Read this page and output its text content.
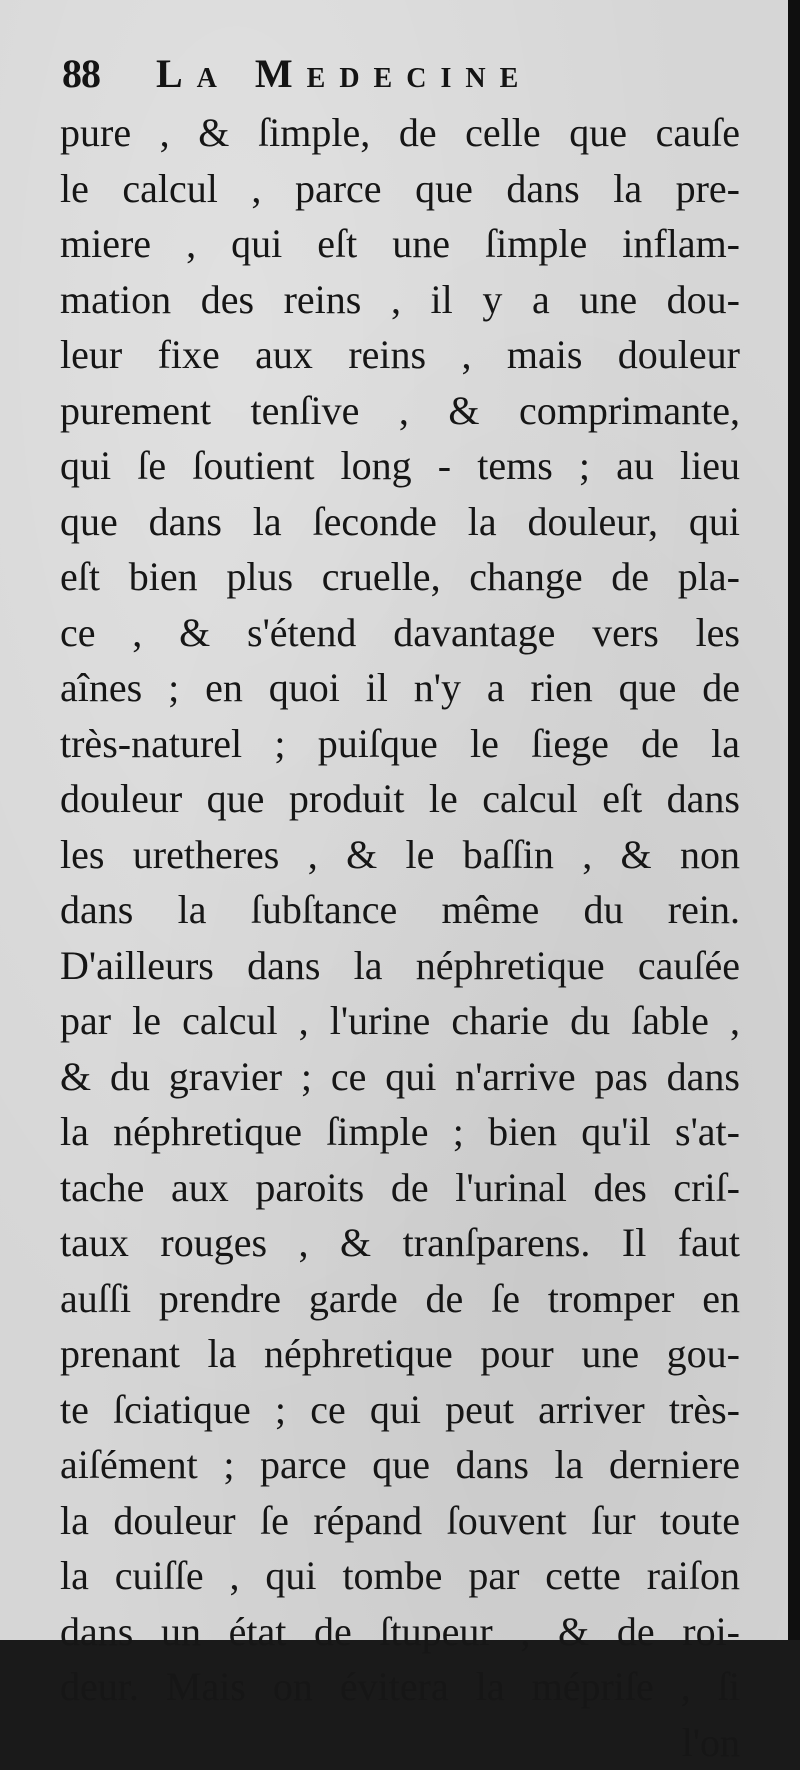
88 La Medecine
pure , & ſimple, de celle que cauſe
le calcul , parce que dans la pre-
miere , qui eſt une ſimple inflam-
mation des reins , il y a une dou-
leur fixe aux reins , mais douleur
purement tenſive , & comprimante,
qui ſe ſoutient long - tems ; au lieu
que dans la ſeconde la douleur, qui
eſt bien plus cruelle, change de pla-
ce , & s'étend davantage vers les
aînes ; en quoi il n'y a rien que de
très-naturel ; puiſque le ſiege de la
douleur que produit le calcul eſt dans
les uretheres , & le baſſin , & non
dans la ſubſtance même du rein.
D'ailleurs dans la néphretique cauſée
par le calcul , l'urine charie du ſable ,
& du gravier ; ce qui n'arrive pas dans
la néphretique ſimple ; bien qu'il s'at-
tache aux paroits de l'urinal des criſ-
taux rouges , & tranſparens. Il faut
auſſi prendre garde de ſe tromper en
prenant la néphretique pour une gou-
te ſciatique ; ce qui peut arriver très-
aiſément ; parce que dans la derniere
la douleur ſe répand ſouvent ſur toute
la cuiſſe , qui tombe par cette raiſon
dans un état de ſtupeur , & de roi-
deur. Mais on évitera la mépriſe , ſi
l'on
